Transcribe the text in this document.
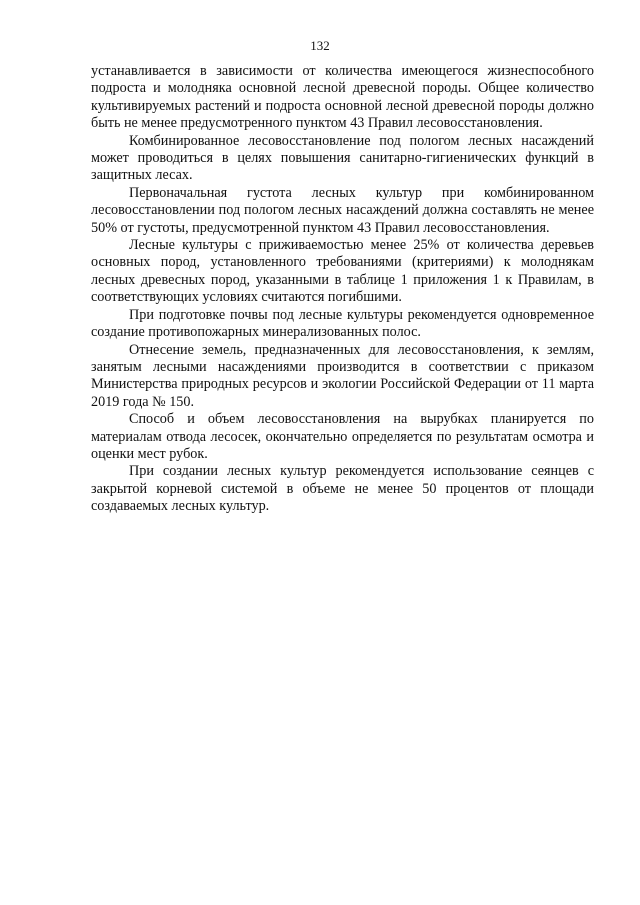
132

устанавливается в зависимости от количества имеющегося жизнеспособного подроста и молодняка основной лесной древесной породы. Общее количество культивируемых растений и подроста основной лесной древесной породы должно быть не менее предусмотренного пунктом 43 Правил лесовосстановления.

Комбинированное лесовосстановление под пологом лесных насаждений может проводиться в целях повышения санитарно-гигиенических функций в защитных лесах.

Первоначальная густота лесных культур при комбинированном лесовосстановлении под пологом лесных насаждений должна составлять не менее 50% от густоты, предусмотренной пунктом 43 Правил лесовосстановления.

Лесные культуры с приживаемостью менее 25% от количества деревьев основных пород, установленного требованиями (критериями) к молоднякам лесных древесных пород, указанными в таблице 1 приложения 1 к Правилам, в соответствующих условиях считаются погибшими.

При подготовке почвы под лесные культуры рекомендуется одновременное создание противопожарных минерализованных полос.

Отнесение земель, предназначенных для лесовосстановления, к землям, занятым лесными насаждениями производится в соответствии с приказом Министерства природных ресурсов и экологии Российской Федерации от 11 марта 2019 года № 150.

Способ и объем лесовосстановления на вырубках планируется по материалам отвода лесосек, окончательно определяется по результатам осмотра и оценки мест рубок.

При создании лесных культур рекомендуется использование сеянцев с закрытой корневой системой в объеме не менее 50 процентов от площади создаваемых лесных культур.
